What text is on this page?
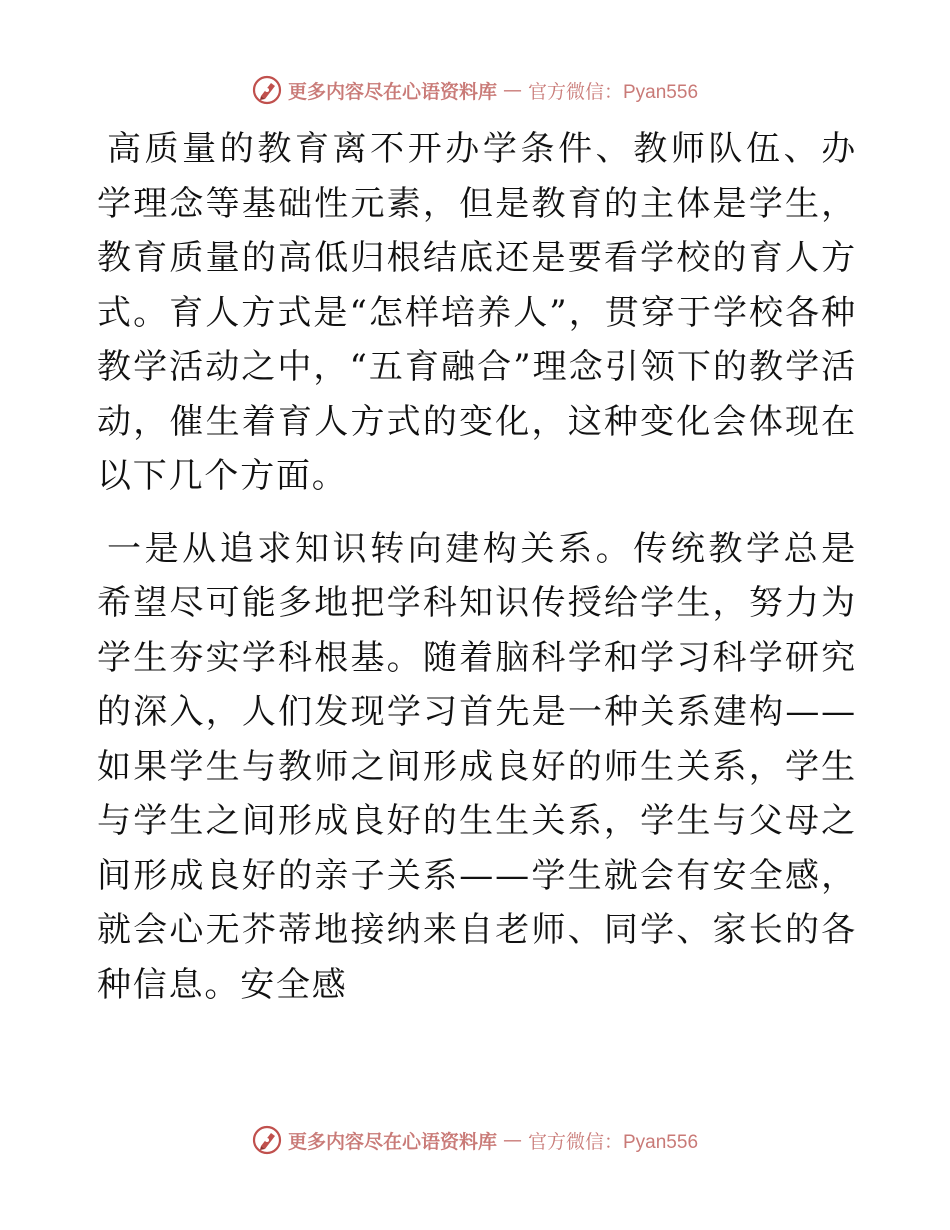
更多内容尽在心语资料库 — 官方微信：Pyan556

高质量的教育离不开办学条件、教师队伍、办学理念等基础性元素，但是教育的主体是学生，教育质量的高低归根结底还是要看学校的育人方式。育人方式是“怎样培养人”，贯穿于学校各种教学活动之中，“五育融合”理念引领下的教学活动，催生着育人方式的变化，这种变化会体现在以下几个方面。

一是从追求知识转向建构关系。传统教学总是希望尽可能多地把学科知识传授给学生，努力为学生夯实学科根基。随着脑科学和学习科学研究的深入，人们发现学习首先是一种关系建构——如果学生与教师之间形成良好的师生关系，学生与学生之间形成良好的生生关系，学生与父母之间形成良好的亲子关系——学生就会有安全感，就会心无芥蒂地接纳来自老师、同学、家长的各种信息。安全感

更多内容尽在心语资料库 — 官方微信：Pyan556
